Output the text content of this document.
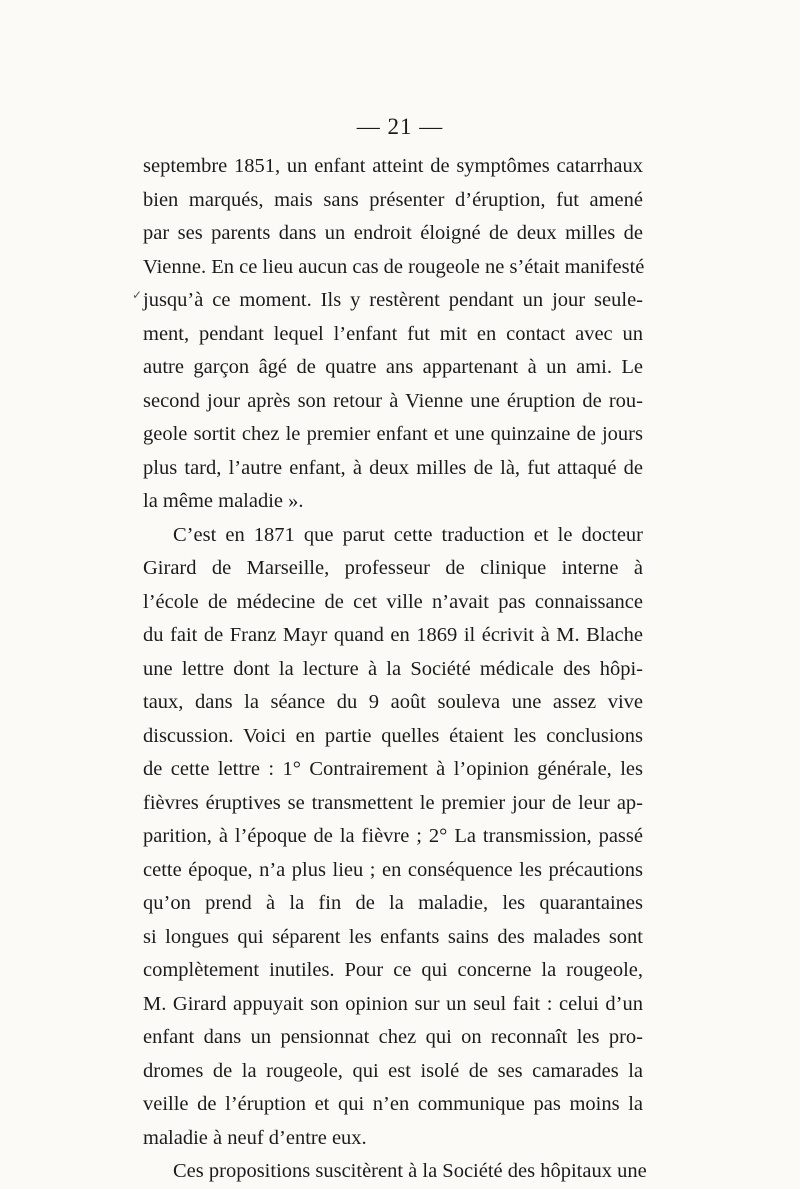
— 21 —

✓
septembre 1851, un enfant atteint de symptômes catarrhaux
bien marqués, mais sans présenter d’éruption, fut amené
par ses parents dans un endroit éloigné de deux milles de
Vienne. En ce lieu aucun cas de rougeole ne s’était manifesté
jusqu’à ce moment. Ils y restèrent pendant un jour seule-
ment, pendant lequel l’enfant fut mit en contact avec un
autre garçon âgé de quatre ans appartenant à un ami. Le
second jour après son retour à Vienne une éruption de rou-
geole sortit chez le premier enfant et une quinzaine de jours
plus tard, l’autre enfant, à deux milles de là, fut attaqué de
la même maladie ».
C’est en 1871 que parut cette traduction et le docteur
Girard de Marseille, professeur de clinique interne à
l’école de médecine de cet ville n’avait pas connaissance
du fait de Franz Mayr quand en 1869 il écrivit à M. Blache
une lettre dont la lecture à la Société médicale des hôpi-
taux, dans la séance du 9 août souleva une assez vive
discussion. Voici en partie quelles étaient les conclusions
de cette lettre : 1° Contrairement à l’opinion générale, les
fièvres éruptives se transmettent le premier jour de leur ap-
parition, à l’époque de la fièvre ; 2° La transmission, passé
cette époque, n’a plus lieu ; en conséquence les précautions
qu’on prend à la fin de la maladie, les quarantaines
si longues qui séparent les enfants sains des malades sont
complètement inutiles. Pour ce qui concerne la rougeole,
M. Girard appuyait son opinion sur un seul fait : celui d’un
enfant dans un pensionnat chez qui on reconnaît les pro-
dromes de la rougeole, qui est isolé de ses camarades la
veille de l’éruption et qui n’en communique pas moins la
maladie à neuf d’entre eux.
Ces propositions suscitèrent à la Société des hôpitaux une
